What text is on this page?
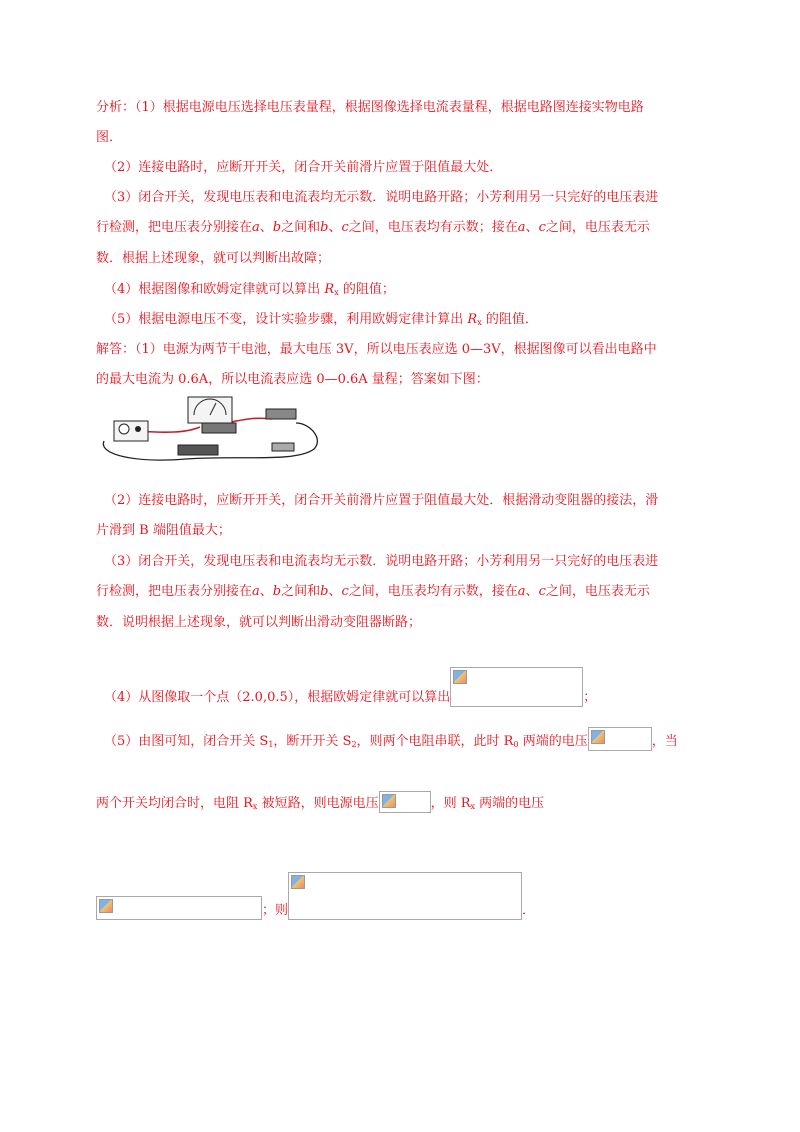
分析：（1）根据电源电压选择电压表量程，根据图像选择电流表量程，根据电路图连接实物电路
图．
（2）连接电路时，应断开开关，闭合开关前滑片应置于阻值最大处．
（3）闭合开关，发现电压表和电流表均无示数．说明电路开路；小芳利用另一只完好的电压表进
行检测，把电压表分别接在a、b之间和b、c之间，电压表均有示数；接在a、c之间，电压表无示
数．根据上述现象，就可以判断出故障；
（4）根据图像和欧姆定律就可以算出 $R_x$ 的阻值；
（5）根据电源电压不变，设计实验步骤，利用欧姆定律计算出 $R_x$ 的阻值．
解答：（1）电源为两节干电池，最大电压 3V，所以电压表应选 0—3V，根据图像可以看出电路中
的最大电流为 0.6A，所以电流表应选 0—0.6A 量程；答案如下图：
（2）连接电路时，应断开开关，闭合开关前滑片应置于阻值最大处．根据滑动变阻器的接法，滑
片滑到 B 端阻值最大；
（3）闭合开关，发现电压表和电流表均无示数．说明电路开路；小芳利用另一只完好的电压表进
行检测，把电压表分别接在a、b之间和b、c之间，电压表均有示数，接在a、c之间，电压表无示
数．说明根据上述现象，就可以判断出滑动变阻器断路；
（4）从图像取一个点（2.0,0.5），根据欧姆定律就可以算出	；
（5）由图可知，闭合开关 $S_1$，断开开关 $S_2$，则两个电阻串联，此时 $R_0$ 两端的电压	，当
两个开关均闭合时，电阻 $R_x$ 被短路，则电源电压	，则 $R_x$ 两端的电压
；则	．
